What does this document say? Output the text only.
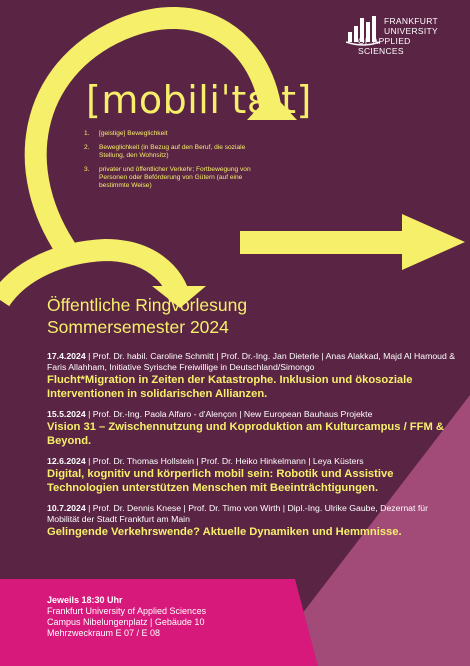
FRANKFURT
UNIVERSITY
OF APPLIED SCIENCES
[mobiliˈtɛːt]
1. [geistige] Beweglichkeit
2. Beweglichkeit (in Bezug auf den Beruf, die soziale Stellung, den Wohnsitz)
3. privater und öffentlicher Verkehr; Fortbewegung von Personen oder Beförderung von Gütern (auf eine bestimmte Weise)
Öffentliche Ringvorlesung
Sommersemester 2024
17.4.2024 | Prof. Dr. habil. Caroline Schmitt | Prof. Dr.-Ing. Jan Dieterle | Anas Alakkad, Majd Al Hamoud & Faris Allahham, Initiative Syrische Freiwillige in Deutschland/Simongo
Flucht*Migration in Zeiten der Katastrophe. Inklusion und ökosoziale Interventionen in solidarischen Allianzen.
15.5.2024 | Prof. Dr.-Ing. Paola Alfaro - d'Alençon | New European Bauhaus Projekte
Vision 31 – Zwischennutzung und Koproduktion am Kulturcampus / FFM & Beyond.
12.6.2024 | Prof. Dr. Thomas Hollstein | Prof. Dr. Heiko Hinkelmann | Leya Küsters
Digital, kognitiv und körperlich mobil sein: Robotik und Assistive Technologien unterstützen Menschen mit Beeinträchtigungen.
10.7.2024 | Prof. Dr. Dennis Knese | Prof. Dr. Timo von Wirth | Dipl.-Ing. Ulrike Gaube, Dezernat für Mobilität der Stadt Frankfurt am Main
Gelingende Verkehrswende? Aktuelle Dynamiken und Hemmnisse.
Jeweils 18:30 Uhr
Frankfurt University of Applied Sciences
Campus Nibelungenplatz | Gebäude 10
Mehrzweckraum E 07 / E 08
